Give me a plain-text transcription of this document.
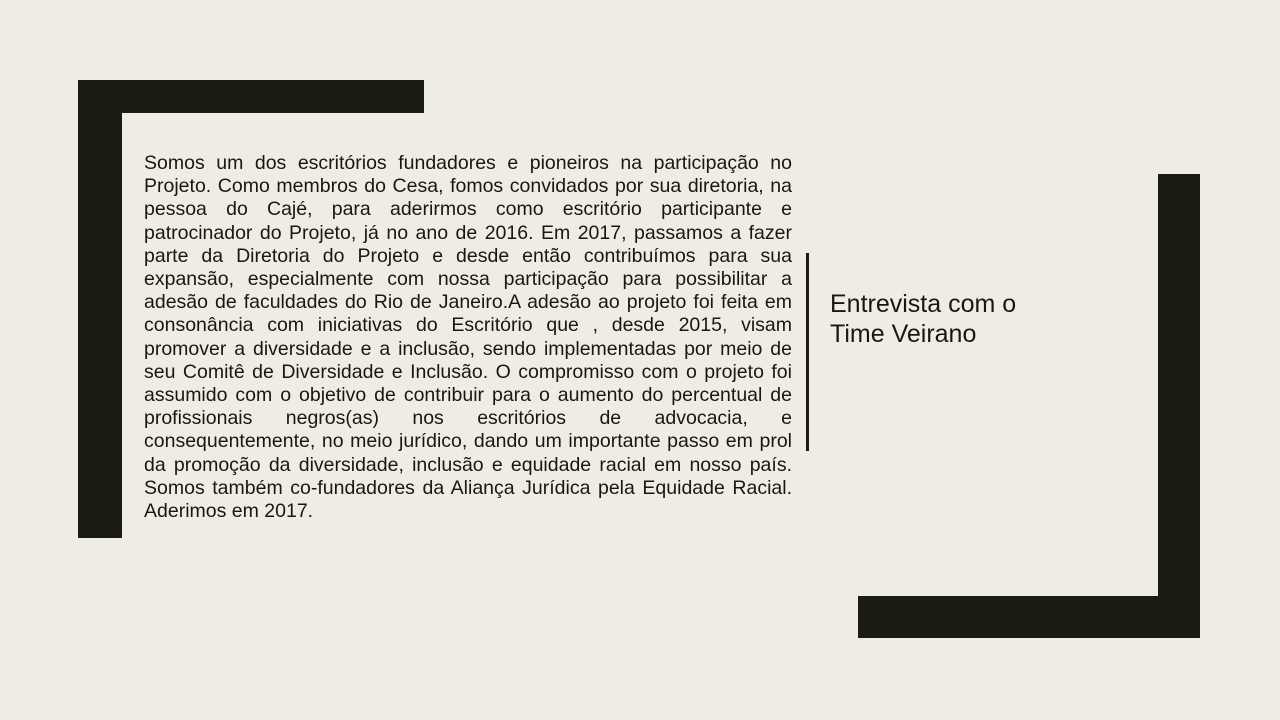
Somos um dos escritórios fundadores e pioneiros na participação no Projeto. Como membros do Cesa, fomos convidados por sua diretoria, na pessoa do Cajé, para aderirmos como escritório participante e patrocinador do Projeto, já no ano de 2016. Em 2017, passamos a fazer parte da Diretoria do Projeto e desde então contribuímos para sua expansão, especialmente com nossa participação para possibilitar a adesão de faculdades do Rio de Janeiro.A adesão ao projeto foi feita em consonância com iniciativas do Escritório que , desde 2015, visam promover a diversidade e a inclusão, sendo implementadas por meio de seu Comitê de Diversidade e Inclusão. O compromisso com o projeto foi assumido com o objetivo de contribuir para o aumento do percentual de profissionais negros(as) nos escritórios de advocacia, e consequentemente, no meio jurídico, dando um importante passo em prol da promoção da diversidade, inclusão e equidade racial em nosso país. Somos também co-fundadores da Aliança Jurídica pela Equidade Racial. Aderimos em 2017.

Entrevista com o
Time Veirano
